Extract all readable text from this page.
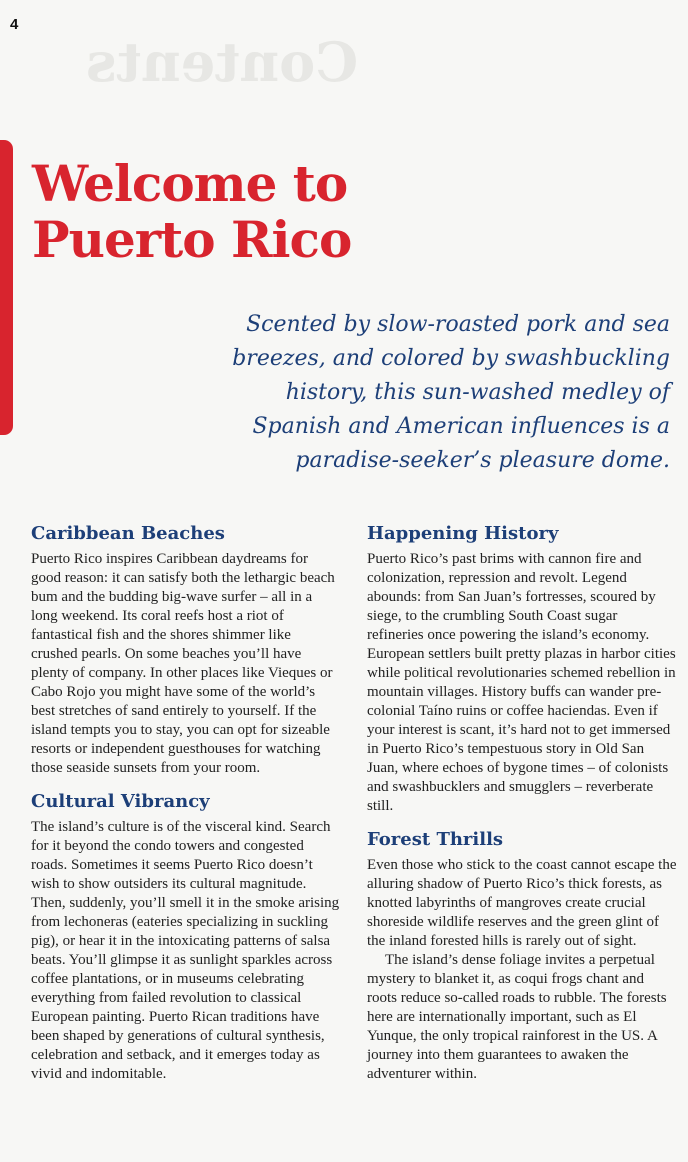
Contents
4
Welcome to
Puerto Rico

Scented by slow-roasted pork and sea breezes, and colored by swashbuckling history, this sun-washed medley of Spanish and American influences is a paradise-seeker’s pleasure dome.

Caribbean Beaches

Puerto Rico inspires Caribbean daydreams for good reason: it can satisfy both the lethargic beach bum and the budding big-wave surfer – all in a long weekend. Its coral reefs host a riot of fantastical fish and the shores shimmer like crushed pearls. On some beaches you’ll have plenty of company. In other places like Vieques or Cabo Rojo you might have some of the world’s best stretches of sand entirely to yourself. If the island tempts you to stay, you can opt for sizeable resorts or independent guesthouses for watching those seaside sunsets from your room.

Cultural Vibrancy

The island’s culture is of the visceral kind. Search for it beyond the condo towers and congested roads. Sometimes it seems Puerto Rico doesn’t wish to show outsiders its cultural magnitude. Then, suddenly, you’ll smell it in the smoke arising from lechoneras (eateries specializing in suckling pig), or hear it in the intoxicating patterns of salsa beats. You’ll glimpse it as sunlight sparkles across coffee plantations, or in museums celebrating everything from failed revolution to classical European painting. Puerto Rican traditions have been shaped by generations of cultural synthesis, celebration and setback, and it emerges today as vivid and indomitable.

Happening History

Puerto Rico’s past brims with cannon fire and colonization, repression and revolt. Legend abounds: from San Juan’s fortresses, scoured by siege, to the crumbling South Coast sugar refineries once powering the island’s economy. European settlers built pretty plazas in harbor cities while political revolutionaries schemed rebellion in mountain villages. History buffs can wander pre-colonial Taíno ruins or coffee haciendas. Even if your interest is scant, it’s hard not to get immersed in Puerto Rico’s tempestuous story in Old San Juan, where echoes of bygone times – of colonists and swashbucklers and smugglers – reverberate still.

Forest Thrills

Even those who stick to the coast cannot escape the alluring shadow of Puerto Rico’s thick forests, as knotted labyrinths of mangroves create crucial shoreside wildlife reserves and the green glint of the inland forested hills is rarely out of sight.

The island’s dense foliage invites a perpetual mystery to blanket it, as coqui frogs chant and roots reduce so-called roads to rubble. The forests here are internationally important, such as El Yunque, the only tropical rainforest in the US. A journey into them guarantees to awaken the adventurer within.
